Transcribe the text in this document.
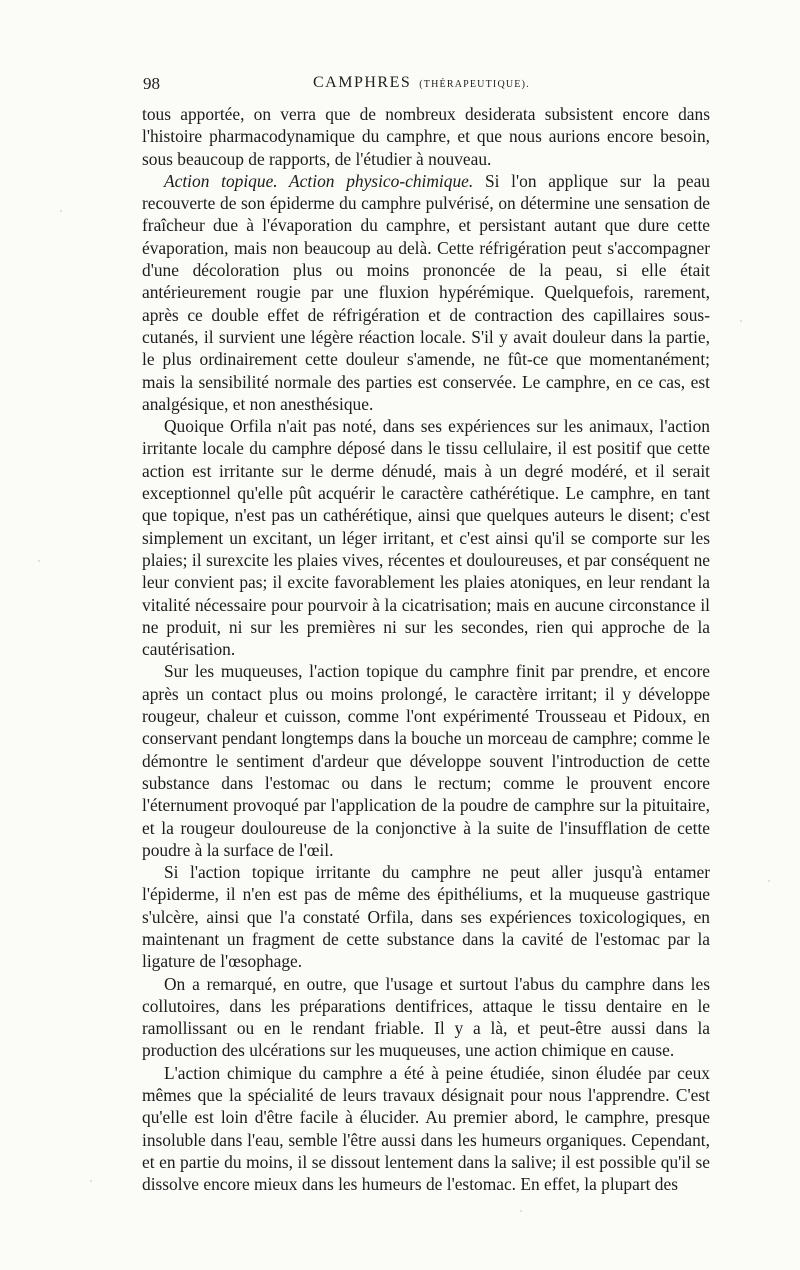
98	CAMPHRES (THÉRAPEUTIQUE).

tous apportée, on verra que de nombreux desiderata subsistent encore dans l'histoire pharmacodynamique du camphre, et que nous aurions encore besoin, sous beaucoup de rapports, de l'étudier à nouveau.

Action topique. Action physico-chimique. Si l'on applique sur la peau recouverte de son épiderme du camphre pulvérisé, on détermine une sensation de fraîcheur due à l'évaporation du camphre, et persistant autant que dure cette évaporation, mais non beaucoup au delà. Cette réfrigération peut s'accompagner d'une décoloration plus ou moins prononcée de la peau, si elle était antérieurement rougie par une fluxion hypérémique. Quelquefois, rarement, après ce double effet de réfrigération et de contraction des capillaires sous-cutanés, il survient une légère réaction locale. S'il y avait douleur dans la partie, le plus ordinairement cette douleur s'amende, ne fût-ce que momentanément; mais la sensibilité normale des parties est conservée. Le camphre, en ce cas, est analgésique, et non anesthésique.

Quoique Orfila n'ait pas noté, dans ses expériences sur les animaux, l'action irritante locale du camphre déposé dans le tissu cellulaire, il est positif que cette action est irritante sur le derme dénudé, mais à un degré modéré, et il serait exceptionnel qu'elle pût acquérir le caractère cathérétique. Le camphre, en tant que topique, n'est pas un cathérétique, ainsi que quelques auteurs le disent; c'est simplement un excitant, un léger irritant, et c'est ainsi qu'il se comporte sur les plaies; il surexcite les plaies vives, récentes et douloureuses, et par conséquent ne leur convient pas; il excite favorablement les plaies atoniques, en leur rendant la vitalité nécessaire pour pourvoir à la cicatrisation; mais en aucune circonstance il ne produit, ni sur les premières ni sur les secondes, rien qui approche de la cautérisation.

Sur les muqueuses, l'action topique du camphre finit par prendre, et encore après un contact plus ou moins prolongé, le caractère irritant; il y développe rougeur, chaleur et cuisson, comme l'ont expérimenté Trousseau et Pidoux, en conservant pendant longtemps dans la bouche un morceau de camphre; comme le démontre le sentiment d'ardeur que développe souvent l'introduction de cette substance dans l'estomac ou dans le rectum; comme le prouvent encore l'éternument provoqué par l'application de la poudre de camphre sur la pituitaire, et la rougeur douloureuse de la conjonctive à la suite de l'insufflation de cette poudre à la surface de l'œil.

Si l'action topique irritante du camphre ne peut aller jusqu'à entamer l'épiderme, il n'en est pas de même des épithéliums, et la muqueuse gastrique s'ulcère, ainsi que l'a constaté Orfila, dans ses expériences toxicologiques, en maintenant un fragment de cette substance dans la cavité de l'estomac par la ligature de l'œsophage.

On a remarqué, en outre, que l'usage et surtout l'abus du camphre dans les collutoires, dans les préparations dentifrices, attaque le tissu dentaire en le ramollissant ou en le rendant friable. Il y a là, et peut-être aussi dans la production des ulcérations sur les muqueuses, une action chimique en cause.

L'action chimique du camphre a été à peine étudiée, sinon éludée par ceux mêmes que la spécialité de leurs travaux désignait pour nous l'apprendre. C'est qu'elle est loin d'être facile à élucider. Au premier abord, le camphre, presque insoluble dans l'eau, semble l'être aussi dans les humeurs organiques. Cependant, et en partie du moins, il se dissout lentement dans la salive; il est possible qu'il se dissolve encore mieux dans les humeurs de l'estomac. En effet, la plupart des
